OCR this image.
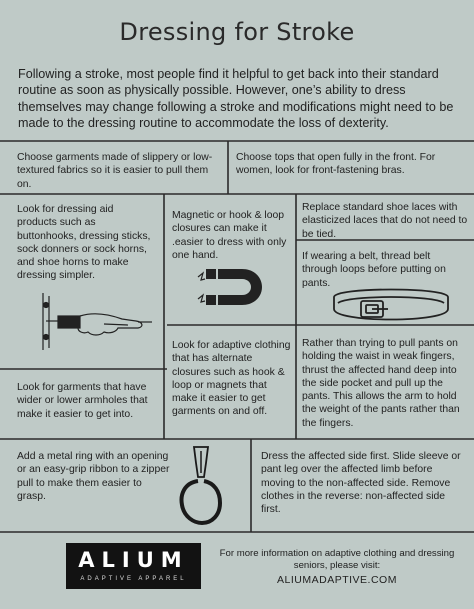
Dressing for Stroke
Following a stroke, most people find it helpful to get back into their standard routine as soon as physically possible. However, one’s ability to dress themselves may change following a stroke and modifications might need to be made to the dressing routine to accommodate the loss of dexterity.
Choose garments made of slippery or low-textured fabrics so it is easier to pull them on.
Choose tops that open fully in the front. For women, look for front-fastening bras.
Look for dressing aid products such as buttonhooks, dressing sticks, sock donners or sock horns, and shoe horns to make dressing simpler.
Magnetic or hook & loop closures can make it .easier to dress with only one hand.
Replace standard shoe laces with elasticized laces that do not need to be tied.
If wearing a belt, thread belt through loops before putting on pants.
Look for adaptive clothing that has alternate closures such as hook & loop or magnets that make it easier to get garments on and off.
Rather than trying to pull pants on holding the waist in weak fingers, thrust the affected hand deep into the side pocket and pull up the pants. This allows the arm to hold the weight of the pants rather than the fingers.
Look for garments that have wider or lower armholes that make it easier to get into.
Add a metal ring with an opening or an easy-grip ribbon to a zipper pull to make them easier to grasp.
Dress the affected side first. Slide sleeve or pant leg over the affected limb before moving to the non-affected side. Remove clothes in the reverse: non-affected side first.
ALIUM
ADAPTIVE APPAREL
For more information on adaptive clothing and dressing seniors, please visit:
ALIUMADAPTIVE.COM
